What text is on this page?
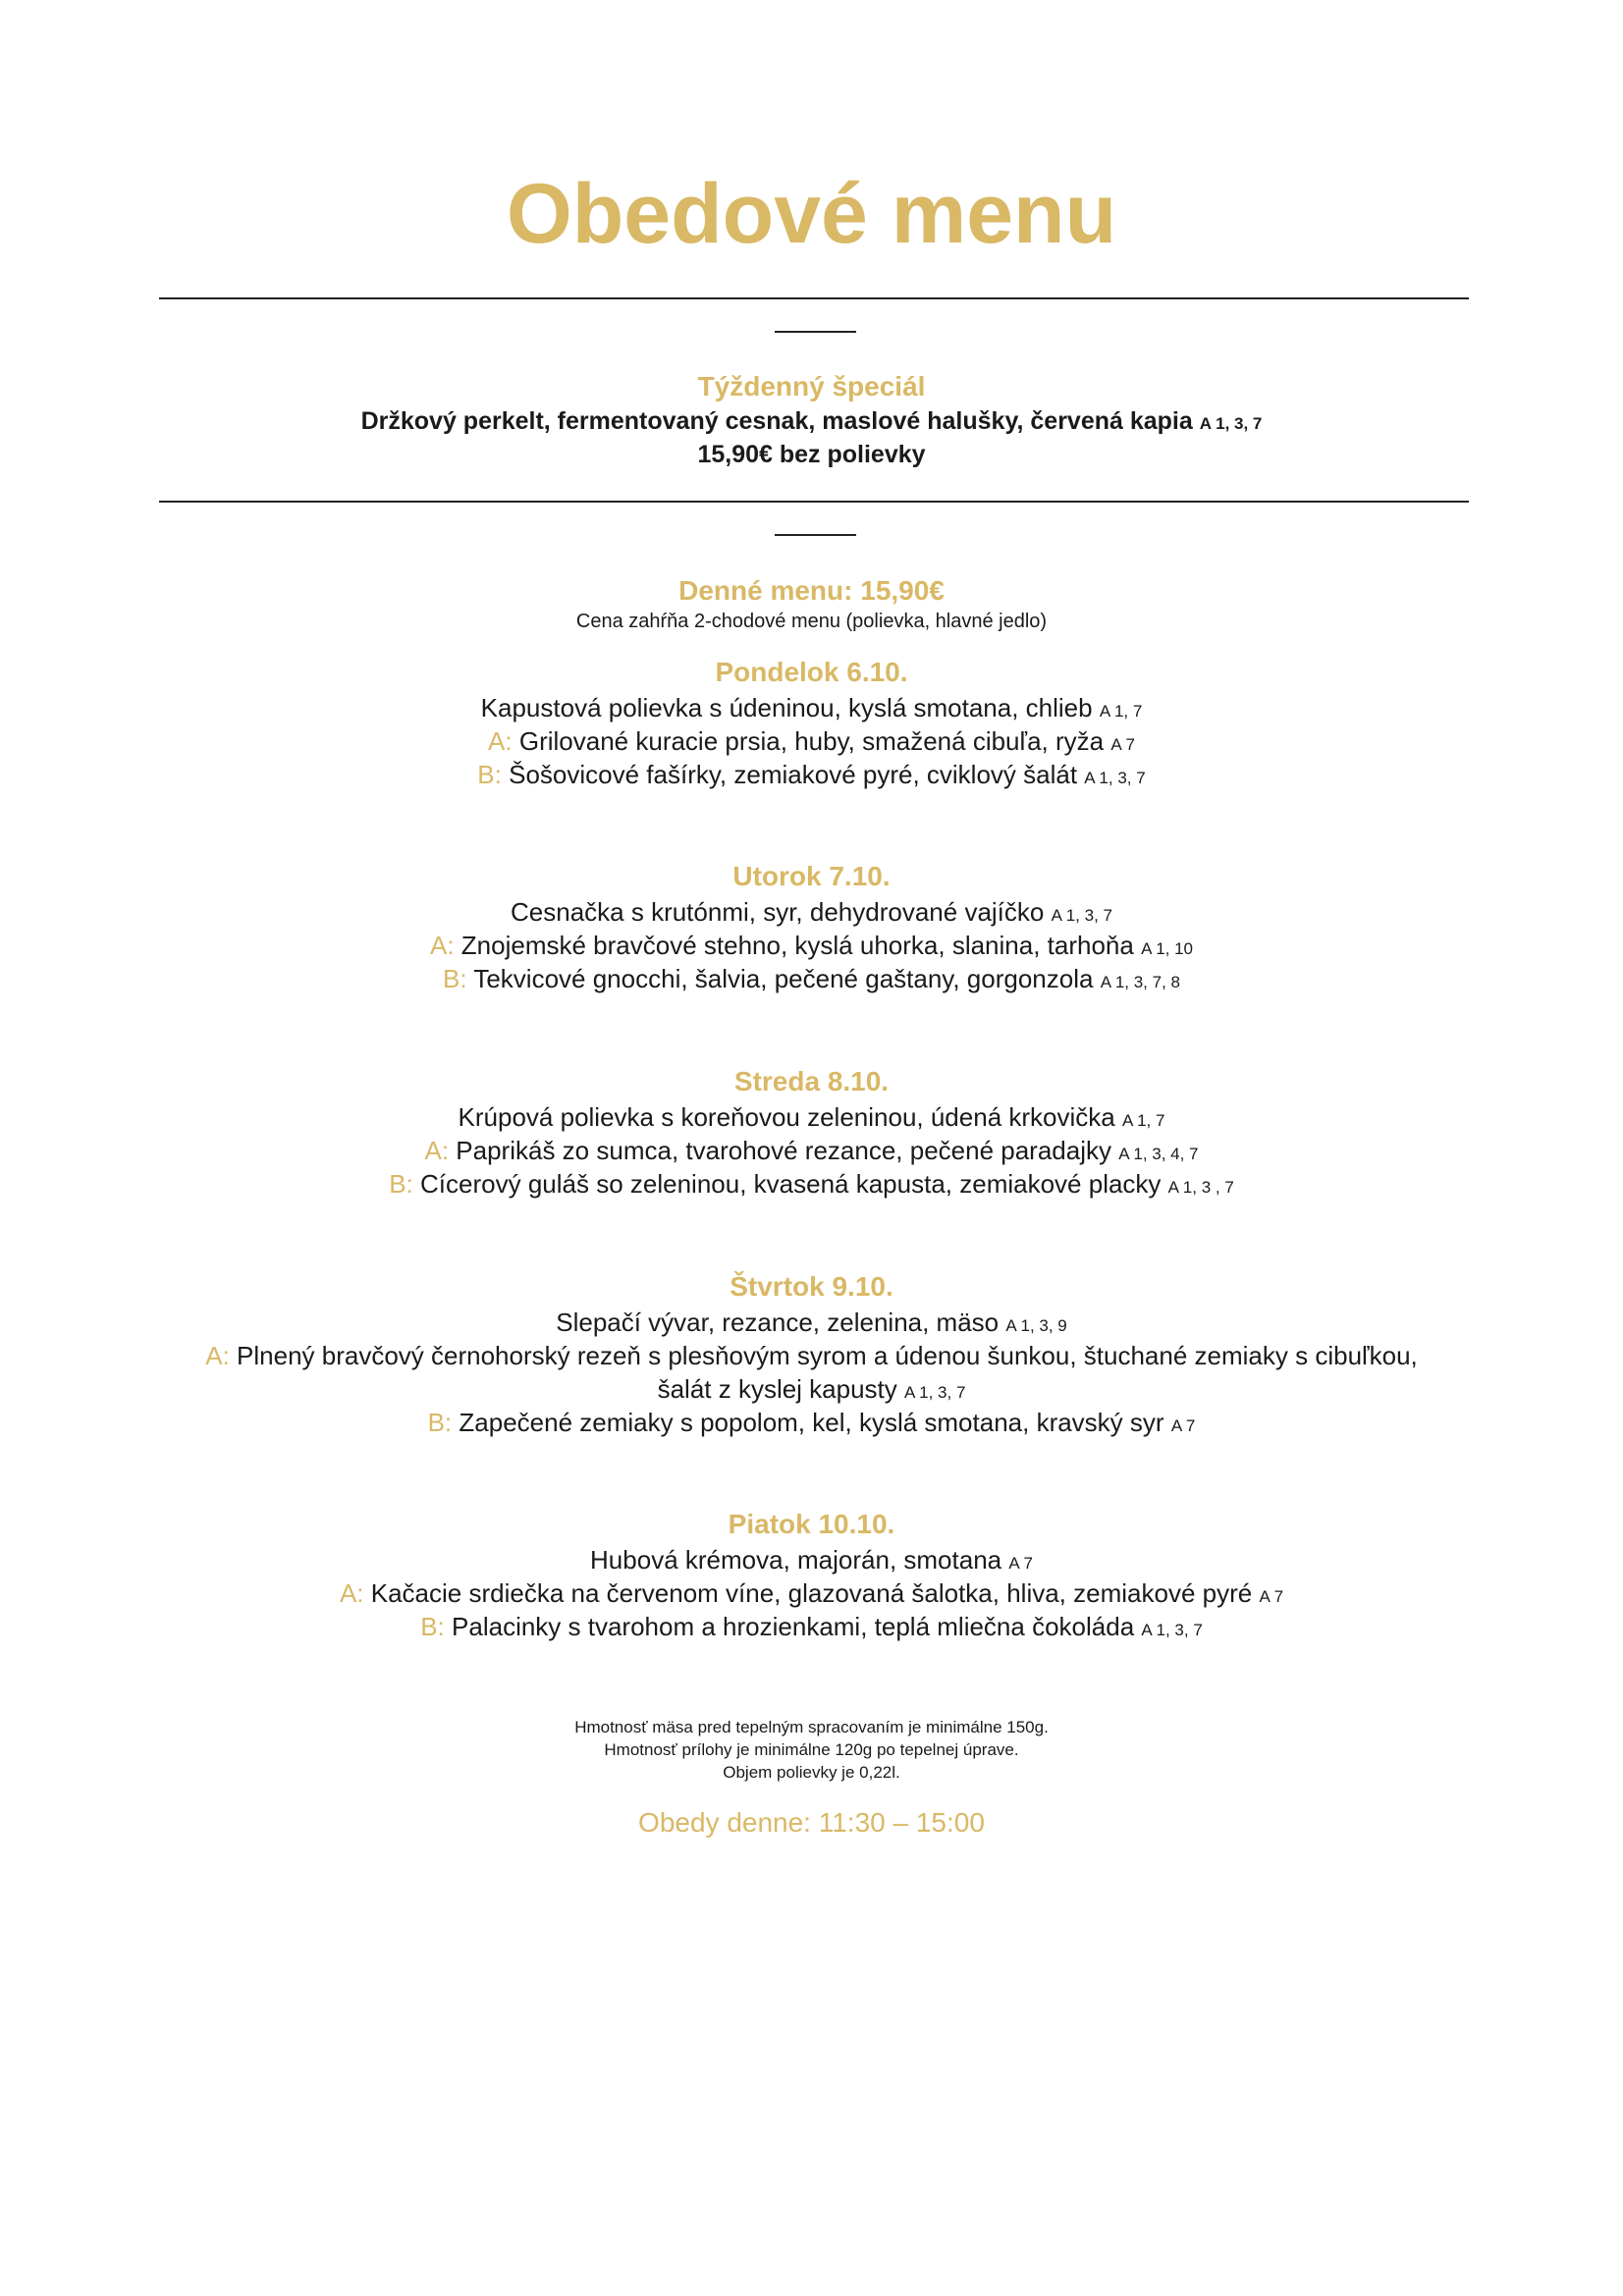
Obedové menu
Týždenný špeciál
Držkový perkelt, fermentovaný cesnak, maslové halušky, červená kapia A 1, 3, 7
15,90€ bez polievky
Denné menu: 15,90€
Cena zahŕňa 2-chodové menu (polievka, hlavné jedlo)
Pondelok 6.10.
Kapustová polievka s údeninou, kyslá smotana, chlieb A 1, 7
A: Grilované kuracie prsia, huby, smažená cibuľa, ryža A 7
B: Šošovicové fašírky, zemiakové pyré, cviklový šalát A 1, 3, 7
Utorok 7.10.
Cesnačka s krutónmi, syr, dehydrované vajíčko A 1, 3, 7
A: Znojemské bravčové stehno, kyslá uhorka, slanina, tarhoňa A 1, 10
B: Tekvicové gnocchi, šalvia, pečené gaštany, gorgonzola A 1, 3, 7, 8
Streda 8.10.
Krúpová polievka s koreňovou zeleninou, údená krkovička A 1, 7
A: Paprikáš zo sumca, tvarohové rezance, pečené paradajky A 1, 3, 4, 7
B: Cícerový guláš so zeleninou, kvasená kapusta, zemiakové placky A 1, 3 , 7
Štvrtok 9.10.
Slepačí vývar, rezance, zelenina, mäso A 1, 3, 9
A: Plnený bravčový černohorský rezeň s plesňovým syrom a údenou šunkou, štuchané zemiaky s cibuľkou,
šalát z kyslej kapusty A 1, 3, 7
B: Zapečené zemiaky s popolom, kel, kyslá smotana, kravský syr A 7
Piatok 10.10.
Hubová krémova, majorán, smotana A 7
A: Kačacie srdiečka na červenom víne, glazovaná šalotka, hliva, zemiakové pyré A 7
B: Palacinky s tvarohom a hrozienkami, teplá mliečna čokoláda A 1, 3, 7
Hmotnosť mäsa pred tepelným spracovaním je minimálne 150g.
Hmotnosť prílohy je minimálne 120g po tepelnej úprave.
Objem polievky je 0,22l.
Obedy denne: 11:30 – 15:00
